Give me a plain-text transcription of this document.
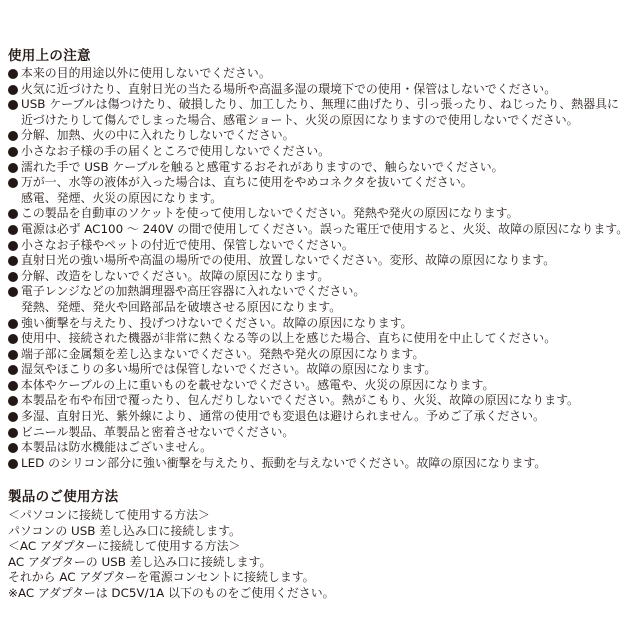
使用上の注意
本来の目的用途以外に使用しないでください。
火気に近づけたり、直射日光の当たる場所や高温多湿の環境下での使用・保管はしないでください。
USB ケーブルは傷つけたり、破損したり、加工したり、無理に曲げたり、引っ張ったり、ねじったり、熱器具に
近づけたりして傷んでしまった場合、感電ショート、火災の原因になりますので使用しないでください。
分解、加熱、火の中に入れたりしないでください。
小さなお子様の手の届くところで使用しないでください。
濡れた手で USB ケーブルを触ると感電するおそれがありますので、触らないでください。
万が一、水等の液体が入った場合は、直ちに使用をやめコネクタを抜いてください。
感電、発煙、火災の原因になります。
この製品を自動車のソケットを使って使用しないでください。発熱や発火の原因になります。
電源は必ず AC100 〜 240V の間で使用してください。誤った電圧で使用すると、火災、故障の原因になります。
小さなお子様やペットの付近で使用、保管しないでください。
直射日光の強い場所や高温の場所での使用、放置しないでください。変形、故障の原因になります。
分解、改造をしないでください。故障の原因になります。
電子レンジなどの加熱調理器や高圧容器に入れないでください。
発熱、発煙、発火や回路部品を破壊させる原因になります。
強い衝撃を与えたり、投げつけないでください。故障の原因になります。
使用中、接続された機器が非常に熱くなる等の以上を感じた場合、直ちに使用を中止してください。
端子部に金属類を差し込まないでください。発熱や発火の原因になります。
湿気やほこりの多い場所では保管しないでください。故障の原因になります。
本体やケーブルの上に重いものを載せないでください。感電や、火災の原因になります。
本製品を布や布団で覆ったり、包んだりしないでください。熱がこもり、火災、故障の原因になります。
多湿、直射日光、紫外線により、通常の使用でも変退色は避けられません。予めご了承ください。
ビニール製品、革製品と密着させないでください。
本製品は防水機能はございません。
LED のシリコン部分に強い衝撃を与えたり、振動を与えないでください。故障の原因になります。
製品のご使用方法
＜パソコンに接続して使用する方法＞
パソコンの USB 差し込み口に接続します。
＜AC アダプターに接続して使用する方法＞
AC アダプターの USB 差し込み口に接続します。
それから AC アダプターを電源コンセントに接続します。
※AC アダプターは DC5V/1A 以下のものをご使用ください。
